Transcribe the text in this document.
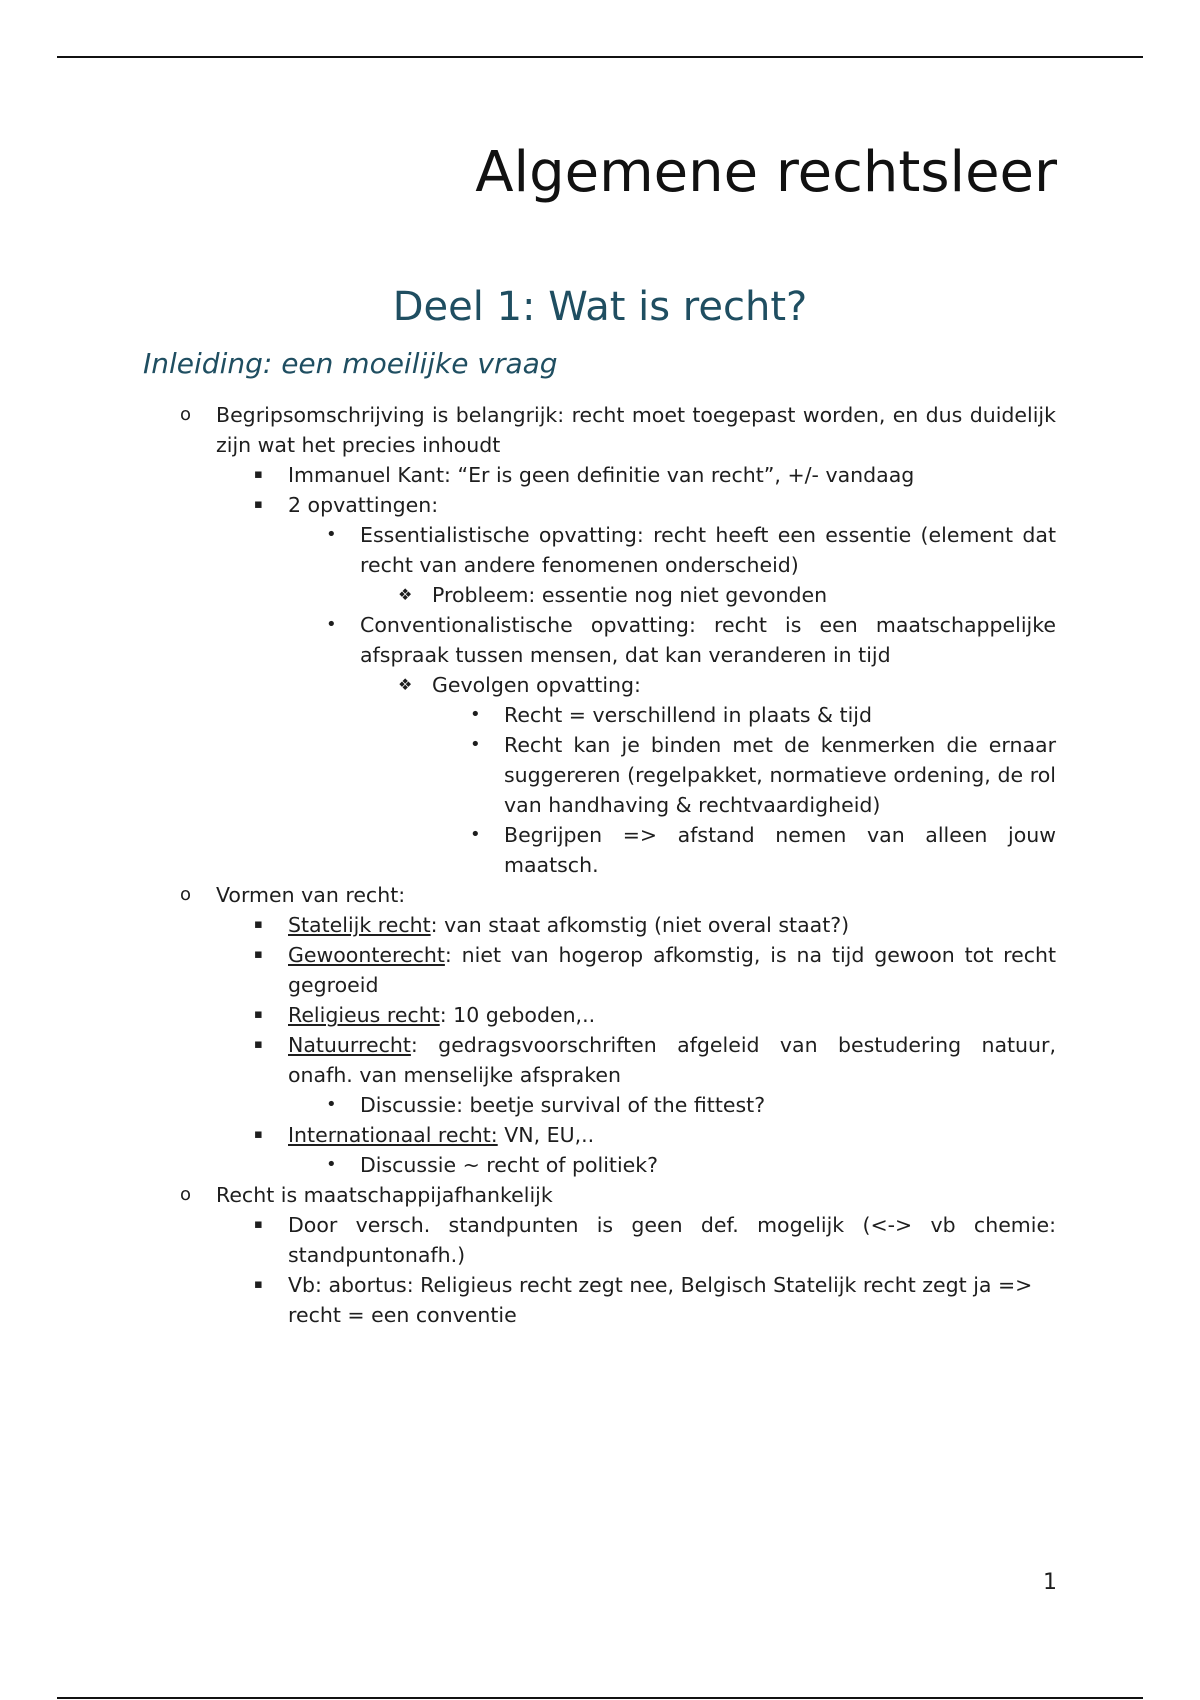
Algemene rechtsleer
Deel 1: Wat is recht?
Inleiding: een moeilijke vraag
o Begripsomschrijving is belangrijk: recht moet toegepast worden, en dus duidelijk zijn wat het precies inhoudt
▪ Immanuel Kant: “Er is geen definitie van recht”, +/- vandaag
▪ 2 opvattingen:
• Essentialistische opvatting: recht heeft een essentie (element dat recht van andere fenomenen onderscheid)
❖ Probleem: essentie nog niet gevonden
• Conventionalistische opvatting: recht is een maatschappelijke afspraak tussen mensen, dat kan veranderen in tijd
❖ Gevolgen opvatting:
• Recht = verschillend in plaats & tijd
• Recht kan je binden met de kenmerken die ernaar suggereren (regelpakket, normatieve ordening, de rol van handhaving & rechtvaardigheid)
• Begrijpen => afstand nemen van alleen jouw maatsch.
o Vormen van recht:
▪ Statelijk recht: van staat afkomstig (niet overal staat?)
▪ Gewoonterecht: niet van hogerop afkomstig, is na tijd gewoon tot recht gegroeid
▪ Religieus recht: 10 geboden,..
▪ Natuurrecht: gedragsvoorschriften afgeleid van bestudering natuur, onafh. van menselijke afspraken
• Discussie: beetje survival of the fittest?
▪ Internationaal recht: VN, EU,..
• Discussie ~ recht of politiek?
o Recht is maatschappijafhankelijk
▪ Door versch. standpunten is geen def. mogelijk (<-> vb chemie: standpuntonafh.)
▪ Vb: abortus: Religieus recht zegt nee, Belgisch Statelijk recht zegt ja => recht = een conventie
1
